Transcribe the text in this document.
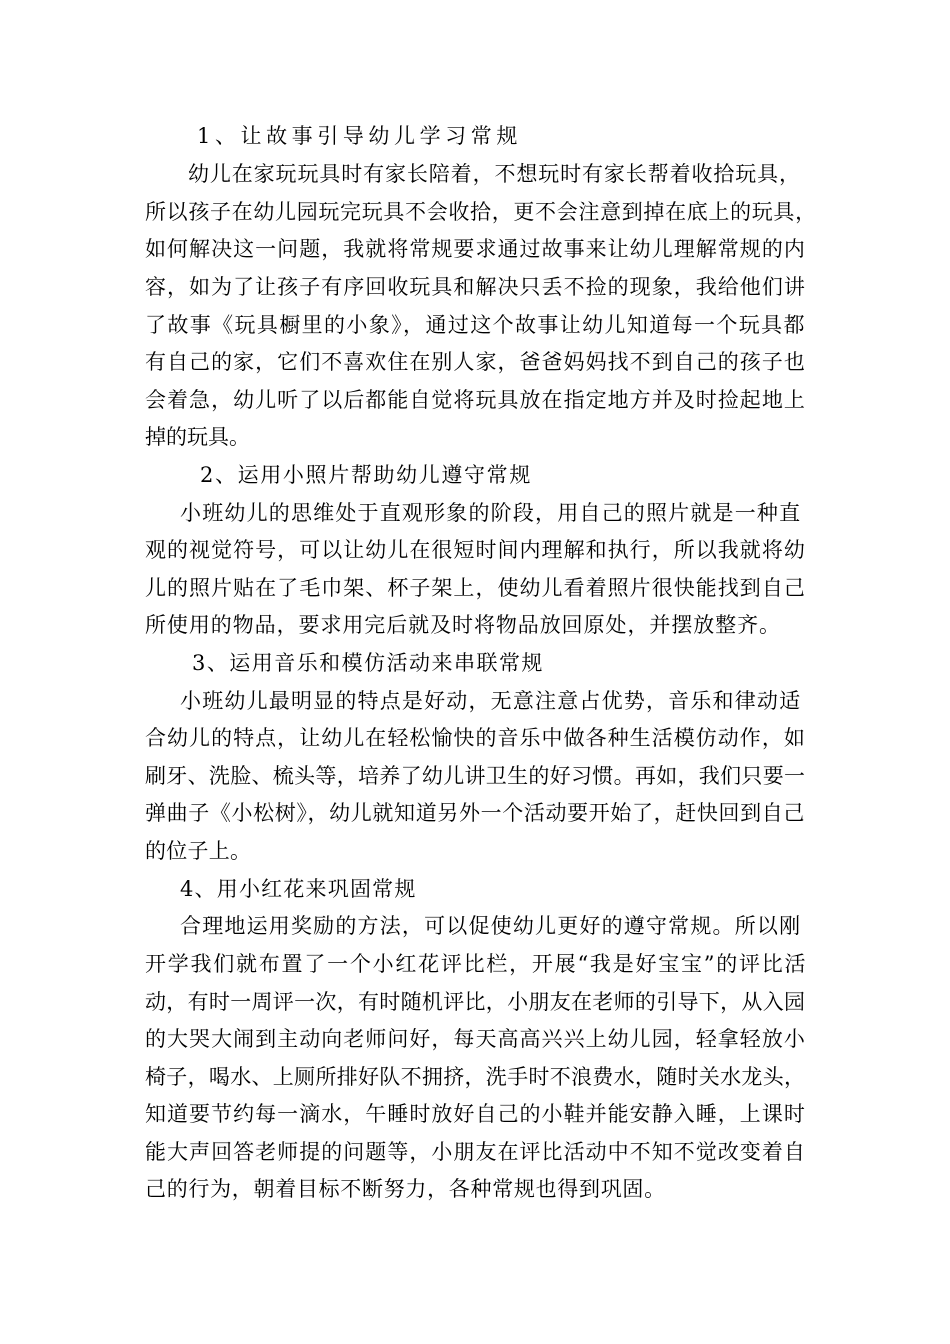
1、让故事引导幼儿学习常规
幼儿在家玩玩具时有家长陪着，不想玩时有家长帮着收拾玩具，
所以孩子在幼儿园玩完玩具不会收拾，更不会注意到掉在底上的玩具，
如何解决这一问题，我就将常规要求通过故事来让幼儿理解常规的内
容，如为了让孩子有序回收玩具和解决只丢不捡的现象，我给他们讲
了故事《玩具橱里的小象》，通过这个故事让幼儿知道每一个玩具都
有自己的家，它们不喜欢住在别人家，爸爸妈妈找不到自己的孩子也
会着急，幼儿听了以后都能自觉将玩具放在指定地方并及时捡起地上
掉的玩具。
2、运用小照片帮助幼儿遵守常规
小班幼儿的思维处于直观形象的阶段，用自己的照片就是一种直
观的视觉符号，可以让幼儿在很短时间内理解和执行，所以我就将幼
儿的照片贴在了毛巾架、杯子架上，使幼儿看着照片很快能找到自己
所使用的物品，要求用完后就及时将物品放回原处，并摆放整齐。
3、运用音乐和模仿活动来串联常规
小班幼儿最明显的特点是好动，无意注意占优势，音乐和律动适
合幼儿的特点，让幼儿在轻松愉快的音乐中做各种生活模仿动作，如
刷牙、洗脸、梳头等，培养了幼儿讲卫生的好习惯。再如，我们只要一
弹曲子《小松树》，幼儿就知道另外一个活动要开始了，赶快回到自己
的位子上。
4、用小红花来巩固常规
合理地运用奖励的方法，可以促使幼儿更好的遵守常规。所以刚
开学我们就布置了一个小红花评比栏，开展“我是好宝宝”的评比活
动，有时一周评一次，有时随机评比，小朋友在老师的引导下，从入园
的大哭大闹到主动向老师问好，每天高高兴兴上幼儿园，轻拿轻放小
椅子，喝水、上厕所排好队不拥挤，洗手时不浪费水，随时关水龙头，
知道要节约每一滴水，午睡时放好自己的小鞋并能安静入睡，上课时
能大声回答老师提的问题等，小朋友在评比活动中不知不觉改变着自
己的行为，朝着目标不断努力，各种常规也得到巩固。
